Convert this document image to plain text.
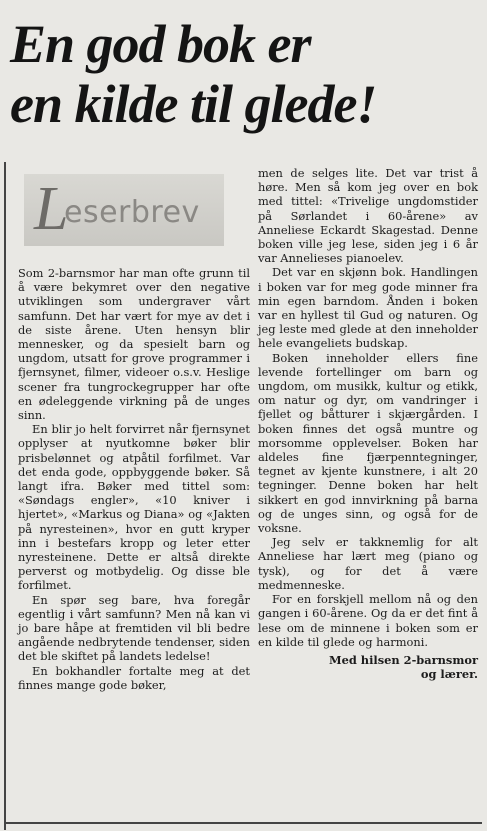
En god bok er
en kilde til glede!
L
eserbrev

Som 2-barnsmor har man ofte grunn til å være bekymret over den negative utviklingen som undergraver vårt samfunn. Det har vært for mye av det i de siste årene. Uten hensyn blir mennesker, og da spesielt barn og ungdom, utsatt for grove programmer i fjernsynet, filmer, videoer o.s.v. Heslige scener fra tungrockegrupper har ofte en ødeleggende virkning på de unges sinn.

En blir jo helt forvirret når fjernsynet opplyser at nyutkomne bøker blir prisbelønnet og atpåtil forfilmet. Var det enda gode, oppbyggende bøker. Så langt ifra. Bøker med tittel som: «Søndags engler», «10 kniver i hjertet», «Markus og Diana» og «Jakten på nyresteinen», hvor en gutt kryper inn i bestefars kropp og leter etter nyresteinene. Dette er altså direkte perverst og motbydelig. Og disse ble forfilmet.

En spør seg bare, hva foregår egentlig i vårt samfunn? Men nå kan vi jo bare håpe at fremtiden vil bli bedre angående nedbrytende tendenser, siden det ble skiftet på landets ledelse!

En bokhandler fortalte meg at det finnes mange gode bøker,

men de selges lite. Det var trist å høre. Men så kom jeg over en bok med tittel: «Trivelige ungdomstider på Sørlandet i 60-årene» av Anneliese Eckardt Skagestad. Denne boken ville jeg lese, siden jeg i 6 år var Annelieses pianoelev.

Det var en skjønn bok. Handlingen i boken var for meg gode minner fra min egen barndom. Ånden i boken var en hyllest til Gud og naturen. Og jeg leste med glede at den inneholder hele evangeliets budskap.

Boken inneholder ellers fine levende fortellinger om barn og ungdom, om musikk, kultur og etikk, om natur og dyr, om vandringer i fjellet og båtturer i skjærgården. I boken finnes det også muntre og morsomme opplevelser. Boken har aldeles fine fjærpenntegninger, tegnet av kjente kunstnere, i alt 20 tegninger. Denne boken har helt sikkert en god innvirkning på barna og de unges sinn, og også for de voksne.

Jeg selv er takknemlig for alt Anneliese har lært meg (piano og tysk), og for det å være medmenneske.

For en forskjell mellom nå og den gangen i 60-årene. Og da er det fint å lese om de minnene i boken som er en kilde til glede og harmoni.

Med hilsen 2-barnsmor
og lærer.
